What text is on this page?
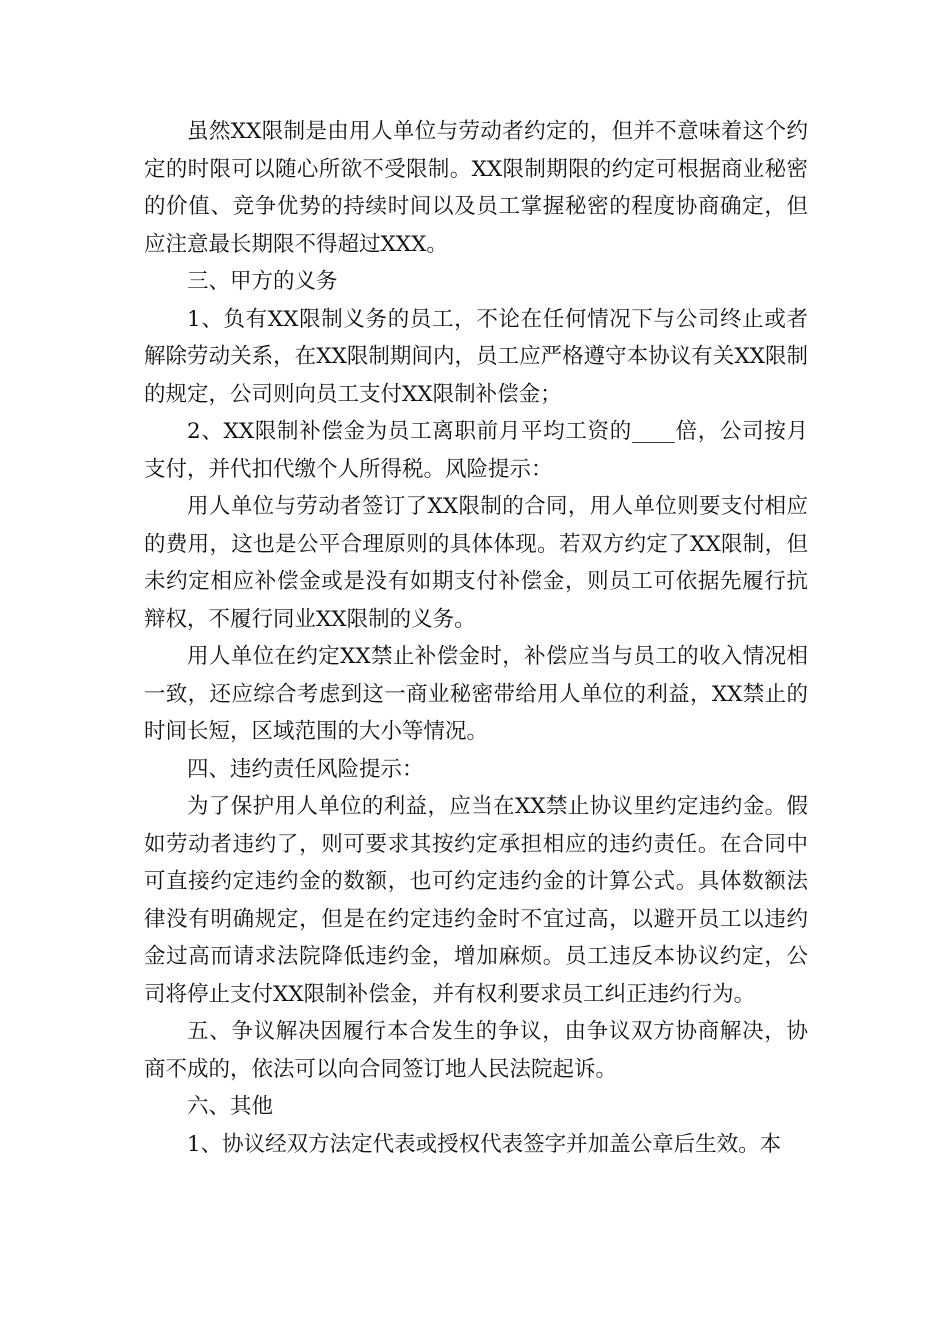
虽然XX限制是由用人单位与劳动者约定的，但并不意味着这个约定的时限可以随心所欲不受限制。XX限制期限的约定可根据商业秘密的价值、竞争优势的持续时间以及员工掌握秘密的程度协商确定，但应注意最长期限不得超过XXX。

三、甲方的义务

1、负有XX限制义务的员工，不论在任何情况下与公司终止或者解除劳动关系，在XX限制期间内，员工应严格遵守本协议有关XX限制的规定，公司则向员工支付XX限制补偿金；

2、XX限制补偿金为员工离职前月平均工资的____倍，公司按月支付，并代扣代缴个人所得税。风险提示：

用人单位与劳动者签订了XX限制的合同，用人单位则要支付相应的费用，这也是公平合理原则的具体体现。若双方约定了XX限制，但未约定相应补偿金或是没有如期支付补偿金，则员工可依据先履行抗辩权，不履行同业XX限制的义务。

用人单位在约定XX禁止补偿金时，补偿应当与员工的收入情况相一致，还应综合考虑到这一商业秘密带给用人单位的利益，XX禁止的时间长短，区域范围的大小等情况。

四、违约责任风险提示：

为了保护用人单位的利益，应当在XX禁止协议里约定违约金。假如劳动者违约了，则可要求其按约定承担相应的违约责任。在合同中可直接约定违约金的数额，也可约定违约金的计算公式。具体数额法律没有明确规定，但是在约定违约金时不宜过高，以避开员工以违约金过高而请求法院降低违约金，增加麻烦。员工违反本协议约定，公司将停止支付XX限制补偿金，并有权利要求员工纠正违约行为。

五、争议解决因履行本合发生的争议，由争议双方协商解决，协商不成的，依法可以向合同签订地人民法院起诉。

六、其他

1、协议经双方法定代表或授权代表签字并加盖公章后生效。本
